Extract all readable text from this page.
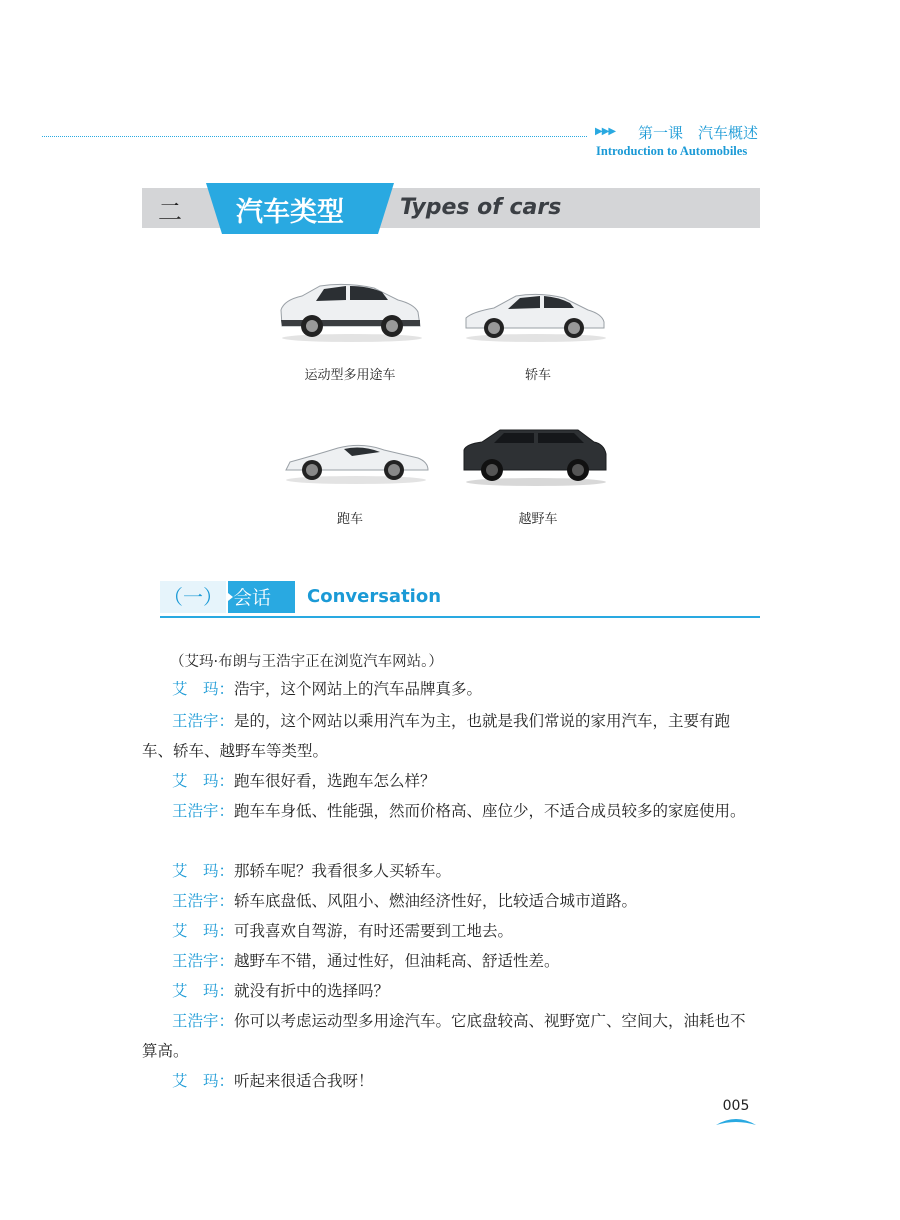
▶▶▶ 第一课　汽车概述
Introduction to Automobiles
二 汽车类型	Types of cars
运动型多用途车	轿车
跑车	越野车
（一） 会话 Conversation
（艾玛·布朗与王浩宇正在浏览汽车网站。）

艾　玛：浩宇，这个网站上的汽车品牌真多。

王浩宇：是的，这个网站以乘用汽车为主，也就是我们常说的家用汽车，主要有跑车、轿车、越野车等类型。

艾　玛：跑车很好看，选跑车怎么样？

王浩宇：跑车车身低、性能强，然而价格高、座位少，不适合成员较多的家庭使用。

艾　玛：那轿车呢？我看很多人买轿车。

王浩宇：轿车底盘低、风阻小、燃油经济性好，比较适合城市道路。

艾　玛：可我喜欢自驾游，有时还需要到工地去。

王浩宇：越野车不错，通过性好，但油耗高、舒适性差。

艾　玛：就没有折中的选择吗？

王浩宇：你可以考虑运动型多用途汽车。它底盘较高、视野宽广、空间大，油耗也不算高。

艾　玛：听起来很适合我呀！

005
